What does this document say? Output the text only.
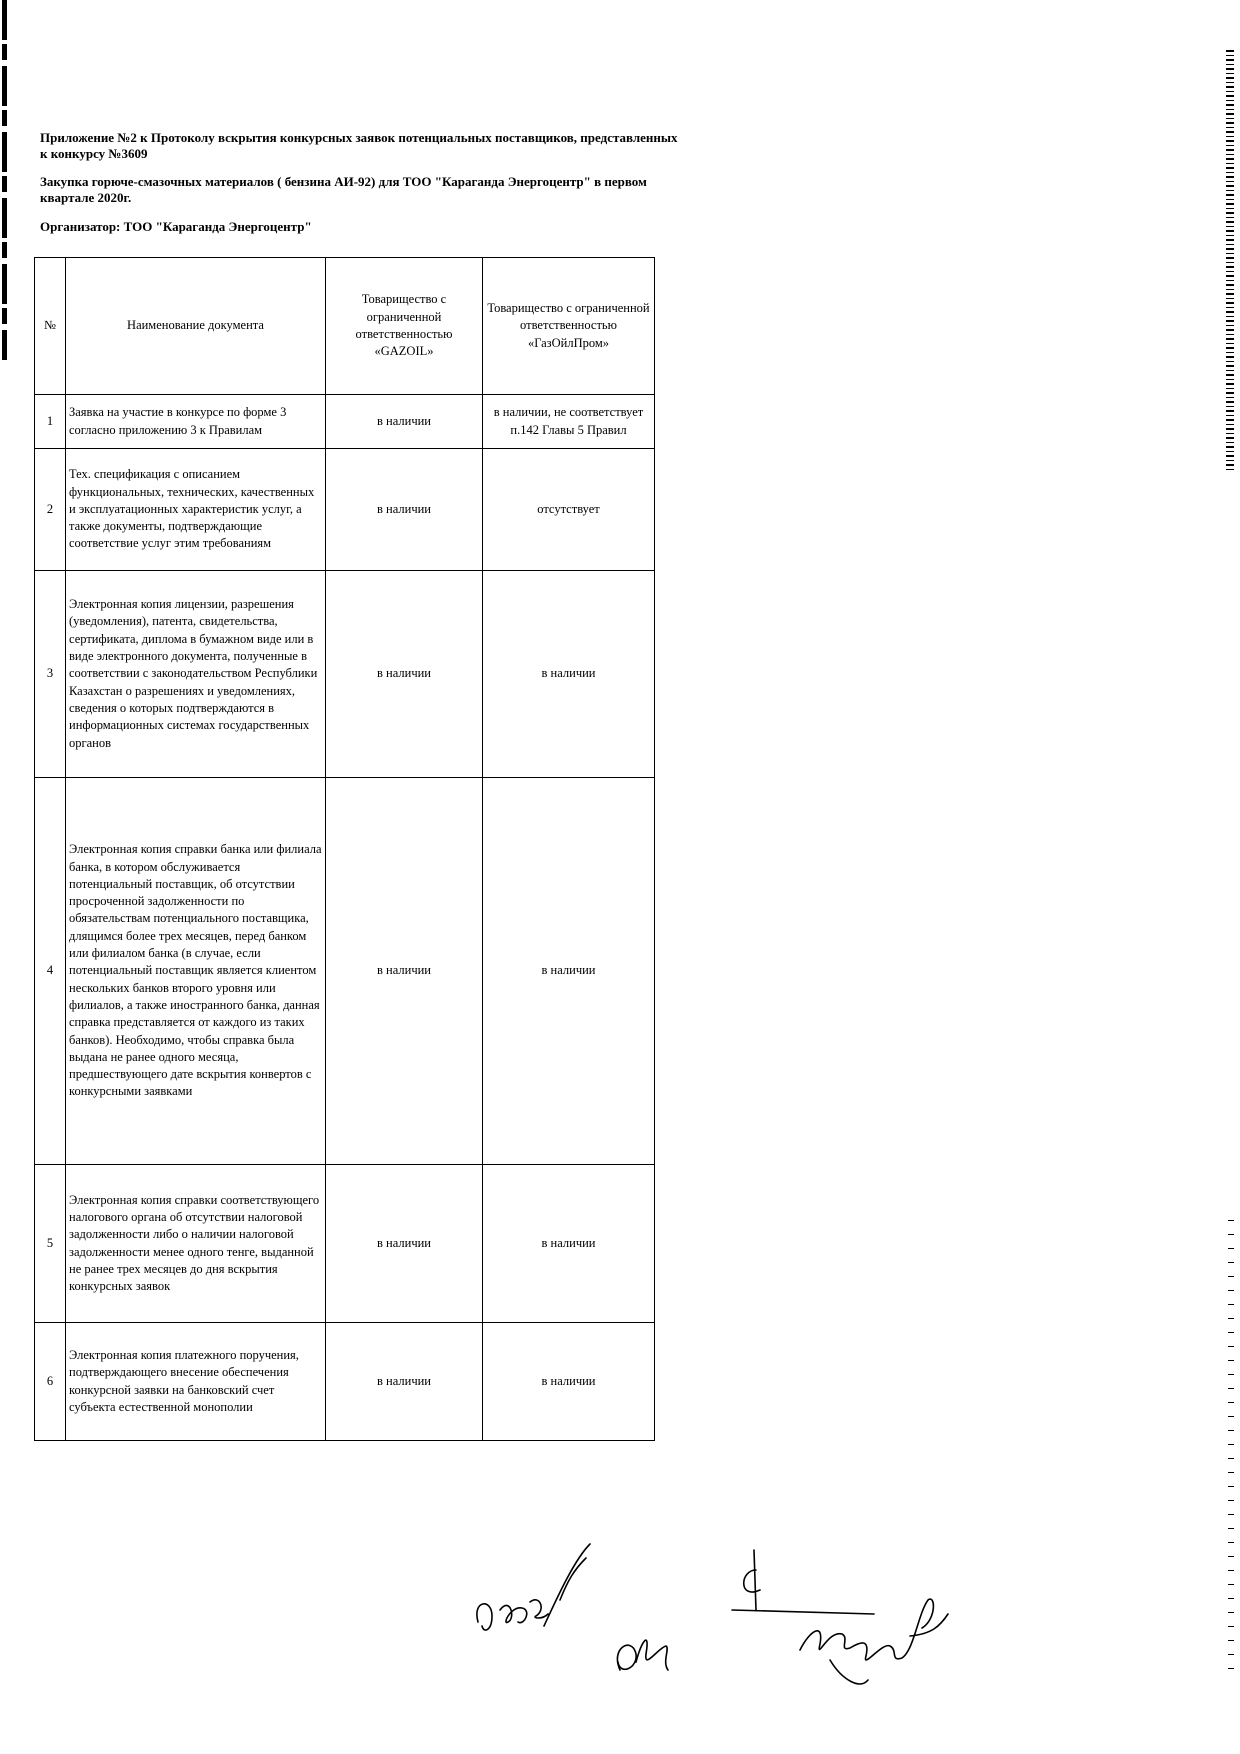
Приложение №2 к Протоколу вскрытия конкурсных заявок потенциальных поставщиков, представленных к конкурсу №3609
Закупка горюче-смазочных материалов ( бензина АИ-92) для ТОО "Караганда Энергоцентр" в первом квартале 2020г.
Организатор: ТОО "Караганда Энергоцентр"
№	Наименование документа	Товарищество с ограниченной ответственностью «GAZOIL»	Товарищество с ограниченной ответственностью «ГазОйлПром»
1	Заявка на участие в конкурсе по форме 3 согласно приложению 3 к Правилам	в наличии	в наличии, не соответствует п.142 Главы 5 Правил
2	Тех. спецификация с описанием функциональных, технических, качественных и эксплуатационных характеристик услуг, а также документы, подтверждающие соответствие услуг этим требованиям	в наличии	отсутствует
3	Электронная копия лицензии, разрешения (уведомления), патента, свидетельства, сертификата, диплома в бумажном виде или в виде электронного документа, полученные в соответствии с законодательством Республики Казахстан о разрешениях и уведомлениях, сведения о которых подтверждаются в информационных системах государственных органов	в наличии	в наличии
4	Электронная копия справки банка или филиала банка, в котором обслуживается потенциальный поставщик, об отсутствии просроченной задолженности по обязательствам потенциального поставщика, длящимся более трех месяцев, перед банком или филиалом банка (в случае, если потенциальный поставщик является клиентом нескольких банков второго уровня или филиалов, а также иностранного банка, данная справка представляется от каждого из таких банков). Необходимо, чтобы справка была выдана не ранее одного месяца, предшествующего дате вскрытия конвертов с конкурсными заявками	в наличии	в наличии
5	Электронная копия справки соответствующего налогового органа об отсутствии налоговой задолженности либо о наличии налоговой задолженности менее одного тенге, выданной не ранее трех месяцев до дня вскрытия конкурсных заявок	в наличии	в наличии
6	Электронная копия платежного поручения, подтверждающего внесение обеспечения конкурсной заявки на банковский счет субъекта естественной монополии	в наличии	в наличии
